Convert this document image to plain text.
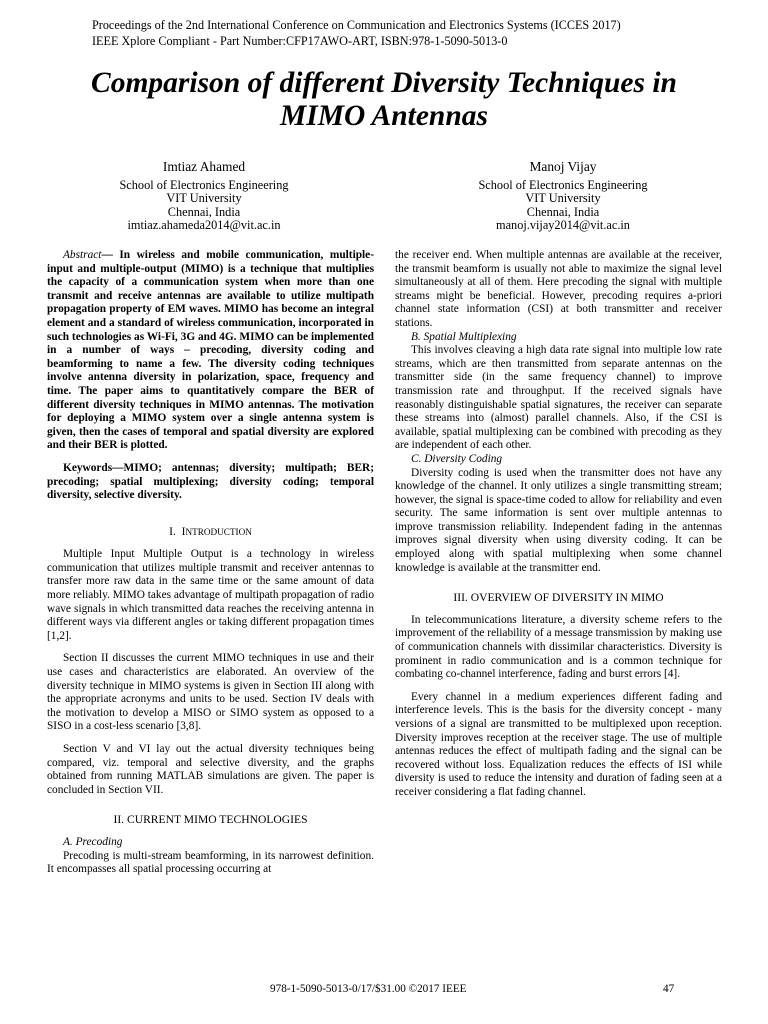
Proceedings of the 2nd International Conference on Communication and Electronics Systems (ICCES 2017)
IEEE Xplore Compliant - Part Number:CFP17AWO-ART, ISBN:978-1-5090-5013-0
Comparison of different Diversity Techniques in
MIMO Antennas
Imtiaz Ahamed
School of Electronics Engineering
VIT University
Chennai, India
imtiaz.ahameda2014@vit.ac.in
Manoj Vijay
School of Electronics Engineering
VIT University
Chennai, India
manoj.vijay2014@vit.ac.in

Abstract— In wireless and mobile communication, multiple-input and multiple-output (MIMO) is a technique that multiplies the capacity of a communication system when more than one transmit and receive antennas are available to utilize multipath propagation property of EM waves. MIMO has become an integral element and a standard of wireless communication, incorporated in such technologies as Wi-Fi, 3G and 4G. MIMO can be implemented in a number of ways – precoding, diversity coding and beamforming to name a few. The diversity coding techniques involve antenna diversity in polarization, space, frequency and time. The paper aims to quantitatively compare the BER of different diversity techniques in MIMO antennas. The motivation for deploying a MIMO system over a single antenna system is given, then the cases of temporal and spatial diversity are explored and their BER is plotted.

Keywords—MIMO; antennas; diversity; multipath; BER; precoding; spatial multiplexing; diversity coding; temporal diversity, selective diversity.

I. INTRODUCTION

Multiple Input Multiple Output is a technology in wireless communication that utilizes multiple transmit and receiver antennas to transfer more raw data in the same time or the same amount of data more reliably. MIMO takes advantage of multipath propagation of radio wave signals in which transmitted data reaches the receiving antenna in different ways via different angles or taking different propagation times [1,2].

Section II discusses the current MIMO techniques in use and their use cases and characteristics are elaborated. An overview of the diversity technique in MIMO systems is given in Section III along with the appropriate acronyms and units to be used. Section IV deals with the motivation to develop a MISO or SIMO system as opposed to a SISO in a cost-less scenario [3,8].

Section V and VI lay out the actual diversity techniques being compared, viz. temporal and selective diversity, and the graphs obtained from running MATLAB simulations are given. The paper is concluded in Section VII.

II. CURRENT MIMO TECHNOLOGIES

A. Precoding

Precoding is multi-stream beamforming, in its narrowest definition. It encompasses all spatial processing occurring at

the receiver end. When multiple antennas are available at the receiver, the transmit beamform is usually not able to maximize the signal level simultaneously at all of them. Here precoding the signal with multiple streams might be beneficial. However, precoding requires a-priori channel state information (CSI) at both transmitter and receiver stations.

B. Spatial Multiplexing

This involves cleaving a high data rate signal into multiple low rate streams, which are then transmitted from separate antennas on the transmitter side (in the same frequency channel) to improve transmission rate and throughput. If the received signals have reasonably distinguishable spatial signatures, the receiver can separate these streams into (almost) parallel channels. Also, if the CSI is available, spatial multiplexing can be combined with precoding as they are independent of each other.

C. Diversity Coding

Diversity coding is used when the transmitter does not have any knowledge of the channel. It only utilizes a single transmitting stream; however, the signal is space-time coded to allow for reliability and even security. The same information is sent over multiple antennas to improve transmission reliability. Independent fading in the antennas improves signal diversity when using diversity coding. It can be employed along with spatial multiplexing when some channel knowledge is available at the transmitter end.

III. OVERVIEW OF DIVERSITY IN MIMO

In telecommunications literature, a diversity scheme refers to the improvement of the reliability of a message transmission by making use of communication channels with dissimilar characteristics. Diversity is prominent in radio communication and is a common technique for combating co-channel interference, fading and burst errors [4].

Every channel in a medium experiences different fading and interference levels. This is the basis for the diversity concept - many versions of a signal are transmitted to be multiplexed upon reception. Diversity improves reception at the receiver stage. The use of multiple antennas reduces the effect of multipath fading and the signal can be recovered without loss. Equalization reduces the effects of ISI while diversity is used to reduce the intensity and duration of fading seen at a receiver considering a flat fading channel.

978-1-5090-5013-0/17/$31.00 ©2017 IEEE	47
